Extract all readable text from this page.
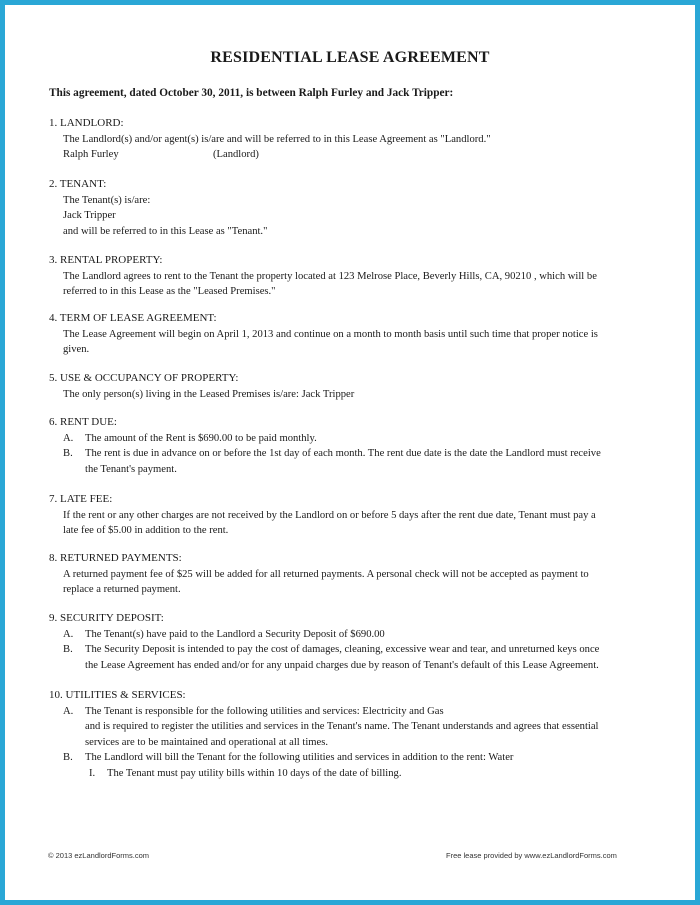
RESIDENTIAL LEASE AGREEMENT
This agreement, dated October 30, 2011, is between Ralph Furley and Jack Tripper:
1. LANDLORD:
The Landlord(s) and/or agent(s) is/are and will be referred to in this Lease Agreement as "Landlord."
Ralph Furley	(Landlord)
2. TENANT:
The Tenant(s) is/are:
Jack Tripper
and will be referred to in this Lease as "Tenant."
3. RENTAL PROPERTY:
The Landlord agrees to rent to the Tenant the property located at 123 Melrose Place, Beverly Hills, CA, 90210 , which will be
referred to in this Lease as the "Leased Premises."
4. TERM OF LEASE AGREEMENT:
The Lease Agreement will begin on April 1, 2013 and continue on a month to month basis until such time that proper notice is
given.
5. USE & OCCUPANCY OF PROPERTY:
The only person(s) living in the Leased Premises is/are: Jack Tripper
6. RENT DUE:
A. The amount of the Rent is $690.00 to be paid monthly.
B. The rent is due in advance on or before the 1st day of each month. The rent due date is the date the Landlord must receive
the Tenant's payment.
7. LATE FEE:
If the rent or any other charges are not received by the Landlord on or before 5 days after the rent due date, Tenant must pay a
late fee of $5.00 in addition to the rent.
8. RETURNED PAYMENTS:
A returned payment fee of $25 will be added for all returned payments. A personal check will not be accepted as payment to
replace a returned payment.
9. SECURITY DEPOSIT:
A. The Tenant(s) have paid to the Landlord a Security Deposit of $690.00
B. The Security Deposit is intended to pay the cost of damages, cleaning, excessive wear and tear, and unreturned keys once
the Lease Agreement has ended and/or for any unpaid charges due by reason of Tenant's default of this Lease Agreement.
10. UTILITIES & SERVICES:
A. The Tenant is responsible for the following utilities and services: Electricity and Gas
and is required to register the utilities and services in the Tenant's name. The Tenant understands and agrees that essential
services are to be maintained and operational at all times.
B. The Landlord will bill the Tenant for the following utilities and services in addition to the rent: Water
I. The Tenant must pay utility bills within 10 days of the date of billing.
© 2013 ezLandlordForms.com	Free lease provided by www.ezLandlordForms.com
